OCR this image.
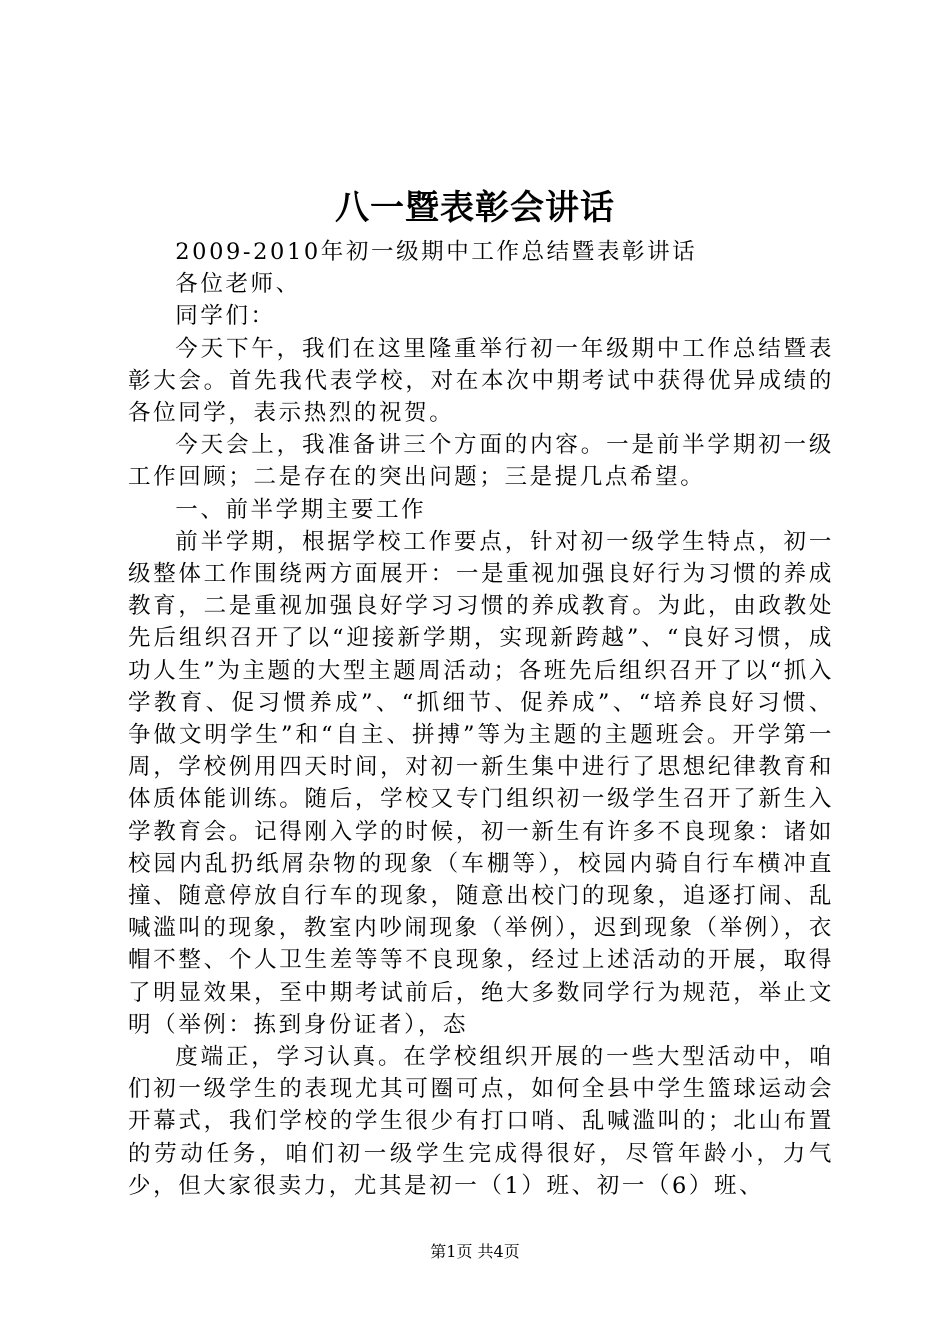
八一暨表彰会讲话

2009-2010年初一级期中工作总结暨表彰讲话

各位老师、

同学们：

今天下午，我们在这里隆重举行初一年级期中工作总结暨表彰大会。首先我代表学校，对在本次中期考试中获得优异成绩的各位同学，表示热烈的祝贺。

今天会上，我准备讲三个方面的内容。一是前半学期初一级工作回顾；二是存在的突出问题；三是提几点希望。

一、前半学期主要工作

前半学期，根据学校工作要点，针对初一级学生特点，初一级整体工作围绕两方面展开：一是重视加强良好行为习惯的养成教育，二是重视加强良好学习习惯的养成教育。为此，由政教处先后组织召开了以“迎接新学期，实现新跨越”、“良好习惯，成功人生”为主题的大型主题周活动；各班先后组织召开了以“抓入学教育、促习惯养成”、“抓细节、促养成”、“培养良好习惯、争做文明学生”和“自主、拼搏”等为主题的主题班会。开学第一周，学校例用四天时间，对初一新生集中进行了思想纪律教育和体质体能训练。随后，学校又专门组织初一级学生召开了新生入学教育会。记得刚入学的时候，初一新生有许多不良现象：诸如校园内乱扔纸屑杂物的现象（车棚等），校园内骑自行车横冲直撞、随意停放自行车的现象，随意出校门的现象，追逐打闹、乱喊滥叫的现象，教室内吵闹现象（举例），迟到现象（举例），衣帽不整、个人卫生差等等不良现象，经过上述活动的开展，取得了明显效果，至中期考试前后，绝大多数同学行为规范，举止文明（举例：拣到身份证者），态

度端正，学习认真。在学校组织开展的一些大型活动中，咱们初一级学生的表现尤其可圈可点，如何全县中学生篮球运动会开幕式，我们学校的学生很少有打口哨、乱喊滥叫的；北山布置的劳动任务，咱们初一级学生完成得很好，尽管年龄小，力气少，但大家很卖力，尤其是初一（1）班、初一（6）班、

第1页 共4页
